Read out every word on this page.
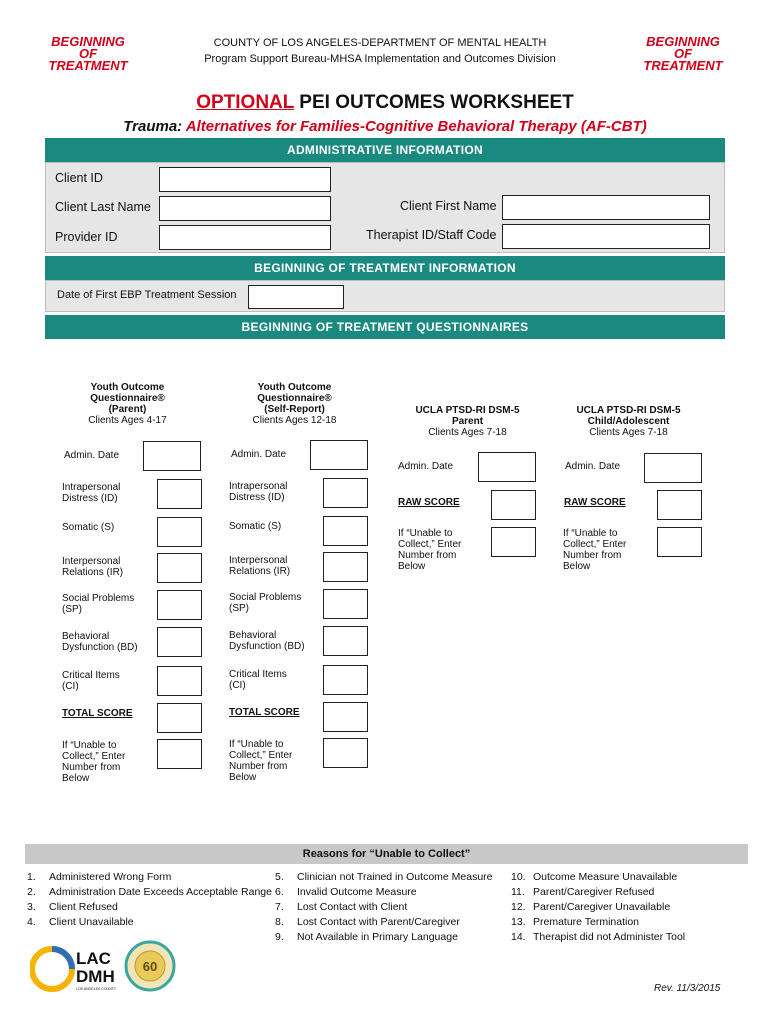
BEGINNING
OF
TREATMENT
BEGINNING
OF
TREATMENT
COUNTY OF LOS ANGELES-DEPARTMENT OF MENTAL HEALTH
Program Support Bureau-MHSA Implementation and Outcomes Division
OPTIONAL PEI OUTCOMES WORKSHEET
Trauma: Alternatives for Families-Cognitive Behavioral Therapy (AF-CBT)
ADMINISTRATIVE INFORMATION
Client ID
Client Last Name	Client First Name
Provider ID	Therapist ID/Staff Code
BEGINNING OF TREATMENT INFORMATION
Date of First EBP Treatment Session
BEGINNING OF TREATMENT QUESTIONNAIRES
Youth Outcome
Questionnaire®
(Parent)
Clients Ages 4-17
Youth Outcome
Questionnaire®
(Self-Report)
Clients Ages 12-18
UCLA PTSD-RI DSM-5
Parent
Clients Ages 7-18
UCLA PTSD-RI DSM-5
Child/Adolescent
Clients Ages 7-18
Admin. Date
Intrapersonal
Distress (ID)
Somatic (S)
Interpersonal
Relations (IR)
Social Problems
(SP)
Behavioral
Dysfunction (BD)
Critical Items
(CI)
TOTAL SCORE
If “Unable to
Collect,” Enter
Number from
Below
Admin. Date
Intrapersonal
Distress (ID)
Somatic (S)
Interpersonal
Relations (IR)
Social Problems
(SP)
Behavioral
Dysfunction (BD)
Critical Items
(CI)
TOTAL SCORE
If “Unable to
Collect,” Enter
Number from
Below
Admin. Date
RAW SCORE
If “Unable to
Collect,” Enter
Number from
Below
Admin. Date
RAW SCORE
If “Unable to
Collect,” Enter
Number from
Below
Reasons for “Unable to Collect”
1. Administered Wrong Form
2. Administration Date Exceeds Acceptable Range
3. Client Refused
4. Client Unavailable
5. Clinician not Trained in Outcome Measure
6. Invalid Outcome Measure
7. Lost Contact with Client
8. Lost Contact with Parent/Caregiver
9. Not Available in Primary Language
10. Outcome Measure Unavailable
11. Parent/Caregiver Refused
12. Parent/Caregiver Unavailable
13. Premature Termination
14. Therapist did not Administer Tool
LAC
DMH
LOS ANGELES COUNTY
60
Rev. 11/3/2015
